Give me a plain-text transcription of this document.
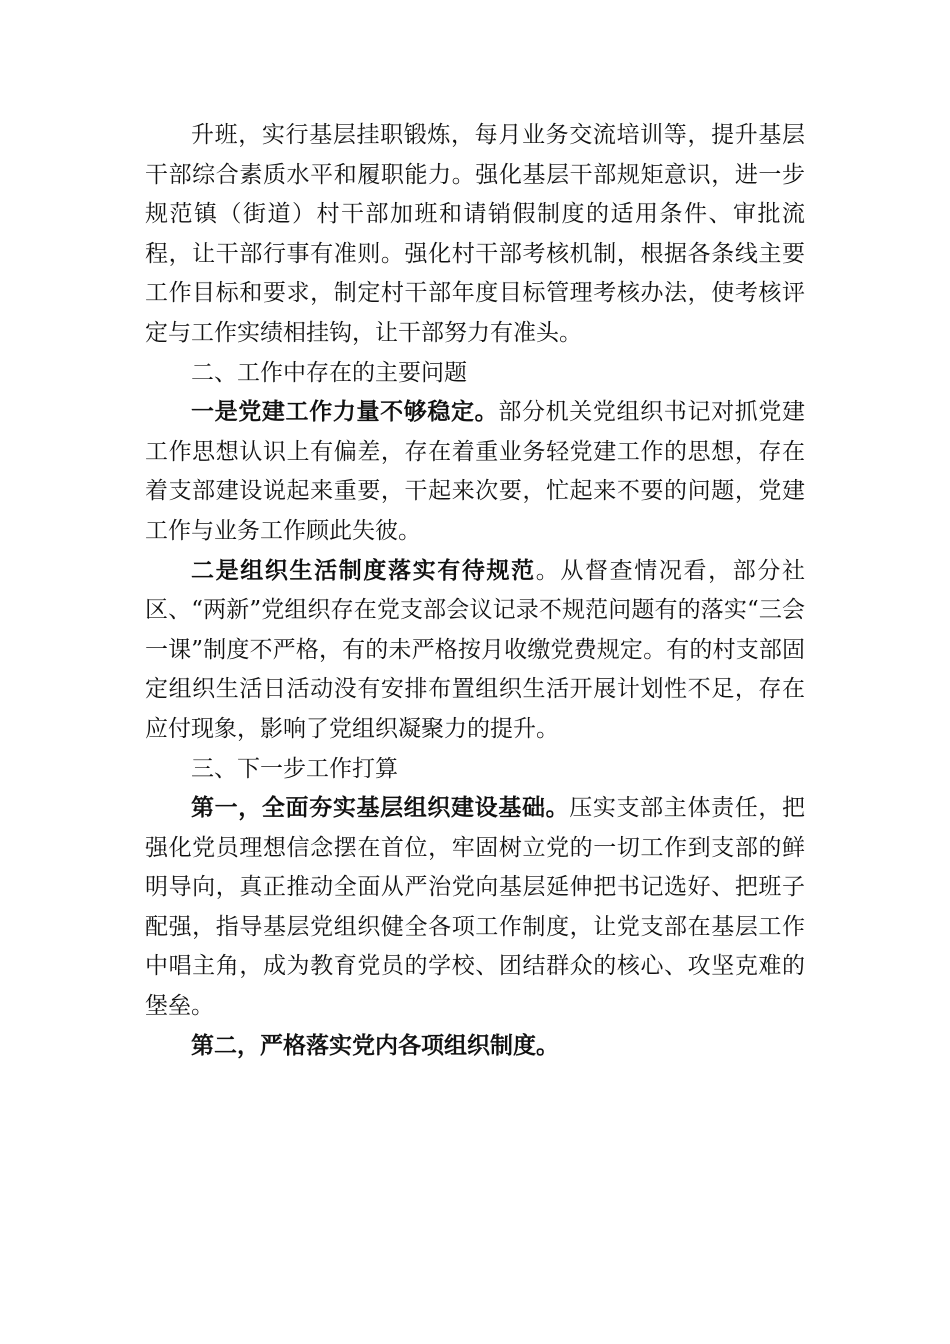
升班，实行基层挂职锻炼，每月业务交流培训等，提升基层干部综合素质水平和履职能力。强化基层干部规矩意识，进一步规范镇（街道）村干部加班和请销假制度的适用条件、审批流程，让干部行事有准则。强化村干部考核机制，根据各条线主要工作目标和要求，制定村干部年度目标管理考核办法，使考核评定与工作实绩相挂钩，让干部努力有准头。

二、工作中存在的主要问题

一是党建工作力量不够稳定。部分机关党组织书记对抓党建工作思想认识上有偏差，存在着重业务轻党建工作的思想，存在着支部建设说起来重要，干起来次要，忙起来不要的问题，党建工作与业务工作顾此失彼。

二是组织生活制度落实有待规范。从督查情况看，部分社区、“两新”党组织存在党支部会议记录不规范问题有的落实“三会一课”制度不严格，有的未严格按月收缴党费规定。有的村支部固定组织生活日活动没有安排布置组织生活开展计划性不足，存在应付现象，影响了党组织凝聚力的提升。

三、下一步工作打算

第一，全面夯实基层组织建设基础。压实支部主体责任，把强化党员理想信念摆在首位，牢固树立党的一切工作到支部的鲜明导向，真正推动全面从严治党向基层延伸把书记选好、把班子配强，指导基层党组织健全各项工作制度，让党支部在基层工作中唱主角，成为教育党员的学校、团结群众的核心、攻坚克难的堡垒。

第二，严格落实党内各项组织制度。
